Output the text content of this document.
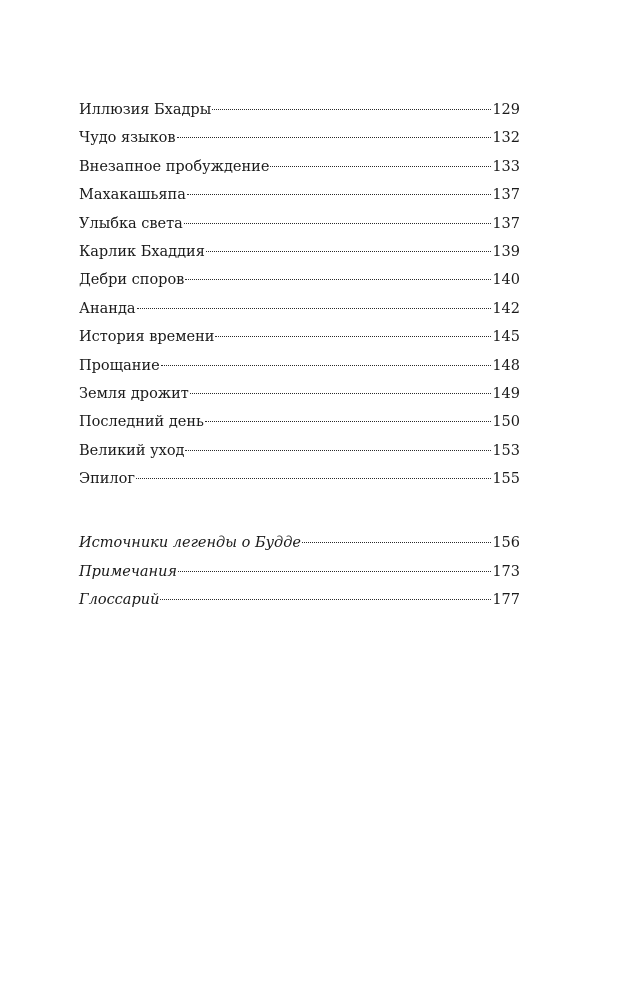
Иллюзия Бхадры	129
Чудо языков	132
Внезапное пробуждение	133
Махакашьяпа	137
Улыбка света	137
Карлик Бхаддия	139
Дебри споров	140
Ананда	142
История времени	145
Прощание	148
Земля дрожит	149
Последний день	150
Великий уход	153
Эпилог	155
Источники легенды о Будде	156
Примечания	173
Глоссарий	177
